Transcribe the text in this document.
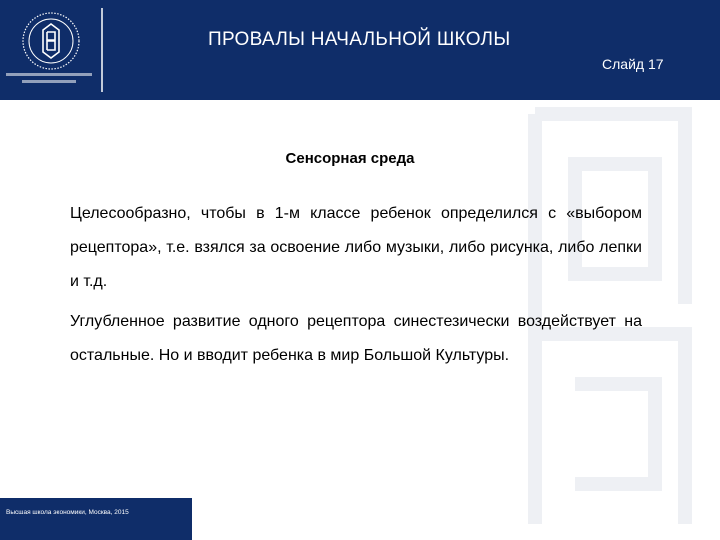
ПРОВАЛЫ НАЧАЛЬНОЙ ШКОЛЫ
Слайд 17
Сенсорная среда

Целесообразно, чтобы в 1-м классе ребенок определился с «выбором рецептора», т.е. взялся за освоение либо музыки, либо рисунка, либо лепки и т.д.

Углубленное развитие одного рецептора синестезически воздействует на остальные. Но и вводит ребенка в мир Большой Культуры.

Высшая школа экономики, Москва, 2015
